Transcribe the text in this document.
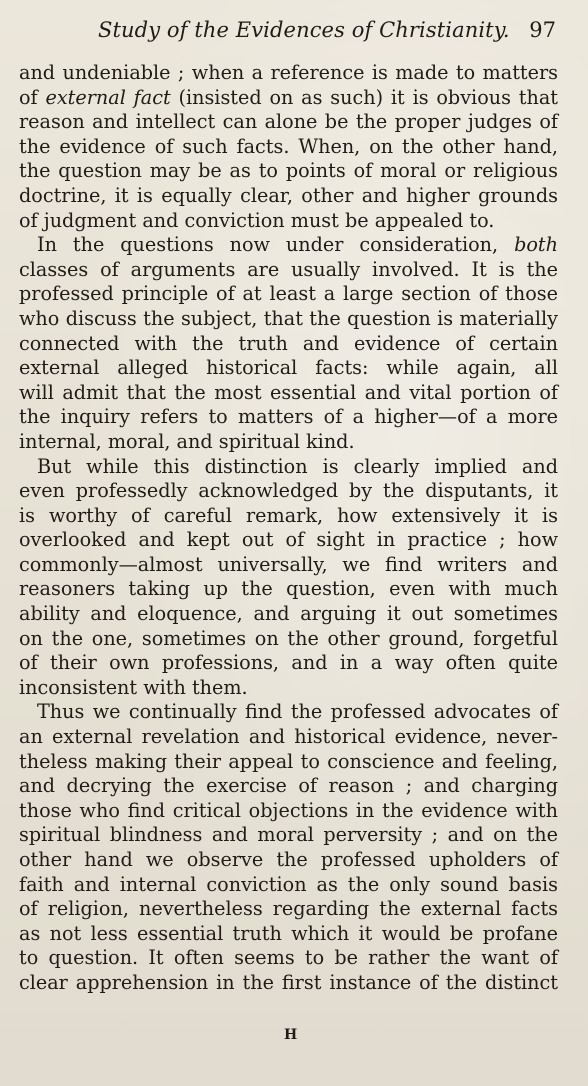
Study of the Evidences of Christianity. 97
and undeniable ; when a reference is made to matters
of external fact (insisted on as such) it is obvious that
reason and intellect can alone be the proper judges of
the evidence of such facts. When, on the other hand,
the question may be as to points of moral or religious
doctrine, it is equally clear, other and higher grounds
of judgment and conviction must be appealed to.
In the questions now under consideration, both
classes of arguments are usually involved. It is the
professed principle of at least a large section of those
who discuss the subject, that the question is materially
connected with the truth and evidence of certain
external alleged historical facts: while again, all
will admit that the most essential and vital portion of
the inquiry refers to matters of a higher—of a more
internal, moral, and spiritual kind.
But while this distinction is clearly implied and
even professedly acknowledged by the disputants, it
is worthy of careful remark, how extensively it is
overlooked and kept out of sight in practice ; how
commonly—almost universally, we find writers and
reasoners taking up the question, even with much
ability and eloquence, and arguing it out sometimes
on the one, sometimes on the other ground, forgetful
of their own professions, and in a way often quite
inconsistent with them.
Thus we continually find the professed advocates of
an external revelation and historical evidence, never-
theless making their appeal to conscience and feeling,
and decrying the exercise of reason ; and charging
those who find critical objections in the evidence with
spiritual blindness and moral perversity ; and on the
other hand we observe the professed upholders of
faith and internal conviction as the only sound basis
of religion, nevertheless regarding the external facts
as not less essential truth which it would be profane
to question. It often seems to be rather the want of
clear apprehension in the first instance of the distinct
H
